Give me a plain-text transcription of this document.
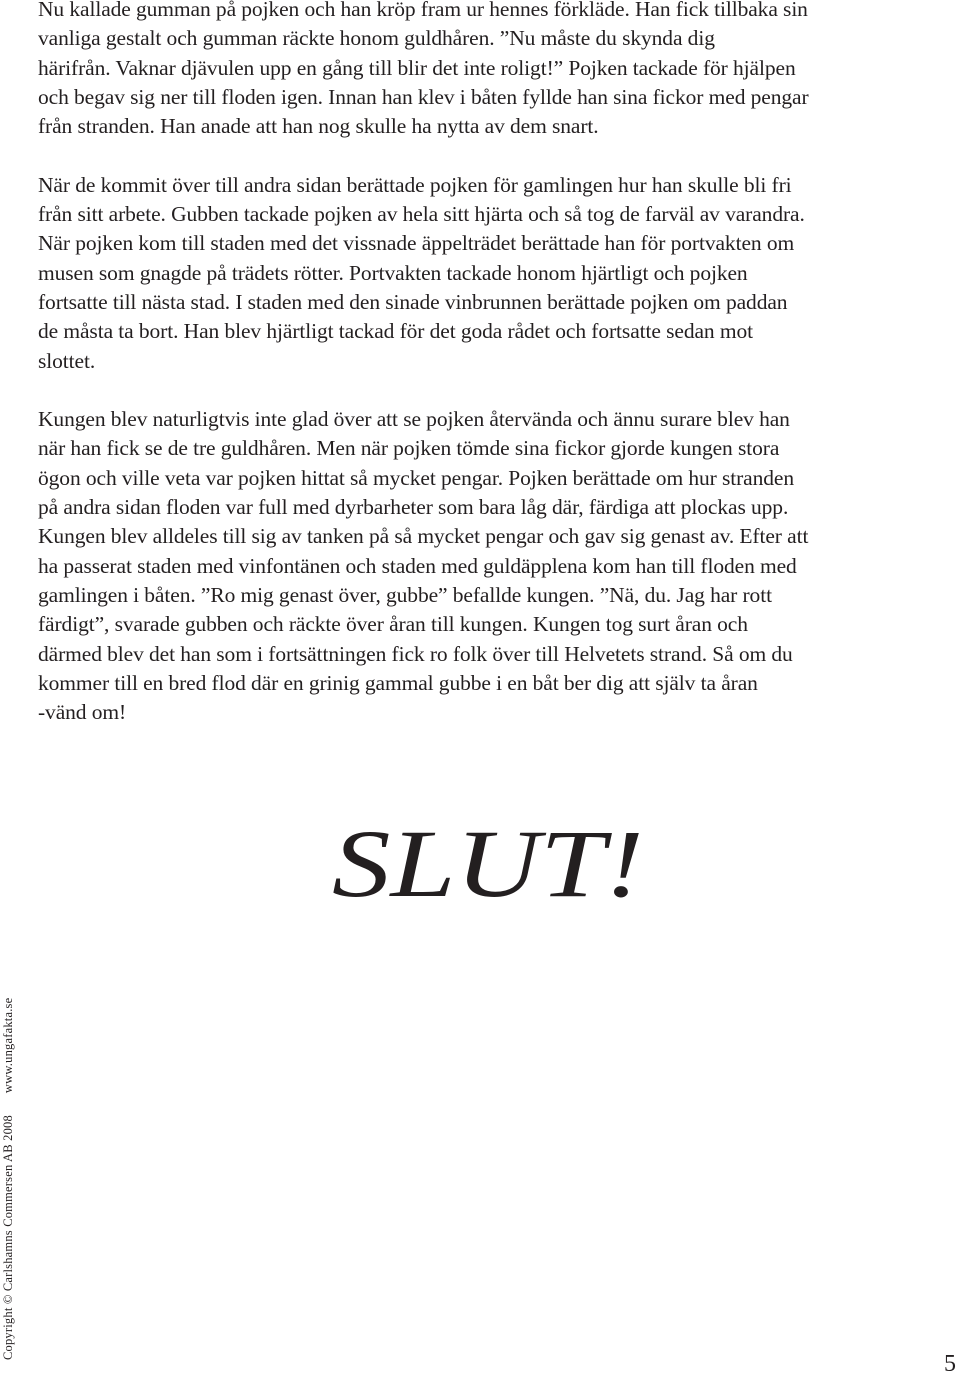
Nu kallade gumman på pojken och han kröp fram ur hennes förkläde. Han fick tillbaka sin
vanliga gestalt och gumman räckte honom guldhåren. ”Nu måste du skynda dig
härifrån. Vaknar djävulen upp en gång till blir det inte roligt!” Pojken tackade för hjälpen
och begav sig ner till floden igen. Innan han klev i båten fyllde han sina fickor med pengar
från stranden. Han anade att han nog skulle ha nytta av dem snart.

När de kommit över till andra sidan berättade pojken för gamlingen hur han skulle bli fri
från sitt arbete. Gubben tackade pojken av hela sitt hjärta och så tog de farväl av varandra.
När pojken kom till staden med det vissnade äppelträdet berättade han för portvakten om
musen som gnagde på trädets rötter. Portvakten tackade honom hjärtligt och pojken
fortsatte till nästa stad. I staden med den sinade vinbrunnen berättade pojken om paddan
de måsta ta bort. Han blev hjärtligt tackad för det goda rådet och fortsatte sedan mot
slottet.

Kungen blev naturligtvis inte glad över att se pojken återvända och ännu surare blev han
när han fick se de tre guldhåren. Men när pojken tömde sina fickor gjorde kungen stora
ögon och ville veta var pojken hittat så mycket pengar. Pojken berättade om hur stranden
på andra sidan floden var full med dyrbarheter som bara låg där, färdiga att plockas upp.
Kungen blev alldeles till sig av tanken på så mycket pengar och gav sig genast av. Efter att
ha passerat staden med vinfontänen och staden med guldäpplena kom han till floden med
gamlingen i båten. ”Ro mig genast över, gubbe” befallde kungen. ”Nä, du. Jag har rott
färdigt”, svarade gubben och räckte över åran till kungen. Kungen tog surt åran och
därmed blev det han som i fortsättningen fick ro folk över till Helvetets strand. Så om du
kommer till en bred flod där en grinig gammal gubbe i en båt ber dig att själv ta åran
-vänd om!

SLUT!
Copyright © Carlshamns Commersen AB 2008www.ungafakta.se
5
